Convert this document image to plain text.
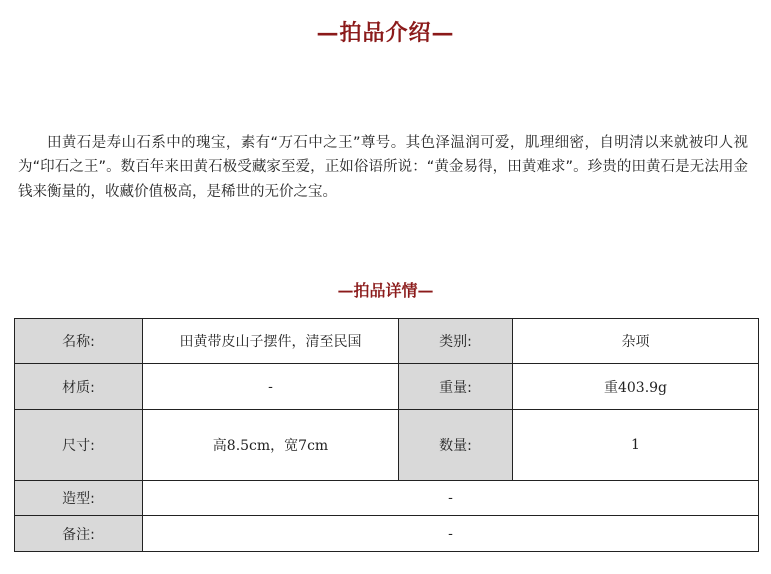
—拍品介绍—

田黄石是寿山石系中的瑰宝，素有“万石中之王”尊号。其色泽温润可爱，肌理细密，自明清以来就被印人视为“印石之王”。数百年来田黄石极受藏家至爱，正如俗语所说：“黄金易得，田黄难求”。珍贵的田黄石是无法用金钱来衡量的，收藏价值极高，是稀世的无价之宝。

—拍品详情—
名称:	田黄带皮山子摆件，清至民国	类别:	杂项
材质:	-	重量:	重403.9g
尺寸:	高8.5cm，宽7cm	数量:	1
造型:	-		
备注:	-		
